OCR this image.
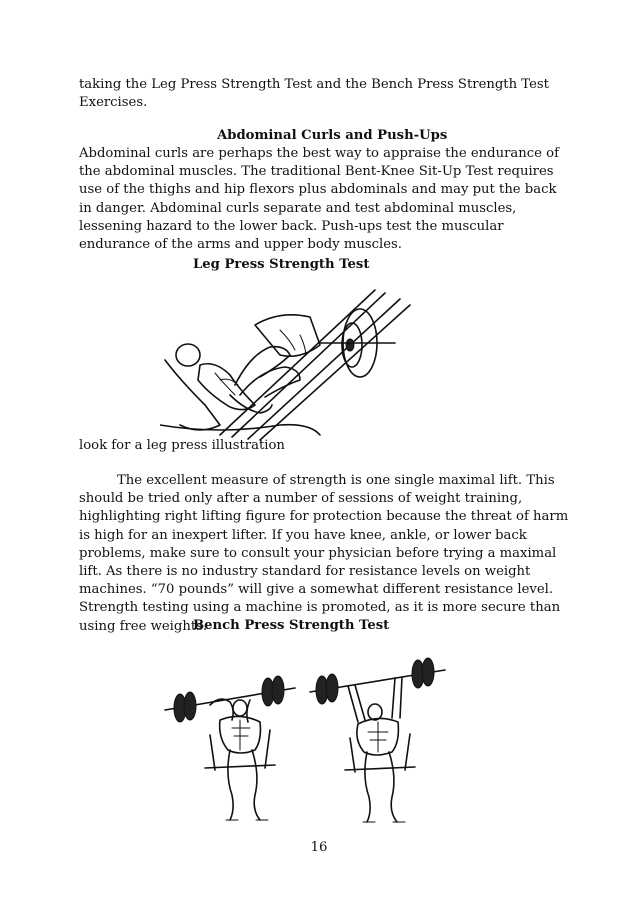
taking the Leg Press Strength Test and the Bench Press Strength Test Exercises.

Abdominal Curls and Push-Ups

Abdominal curls are perhaps the best way to appraise the endurance of the abdominal muscles. The traditional Bent-Knee Sit-Up Test requires use of the thighs and hip flexors plus abdominals and may put the back in danger. Abdominal curls separate and test abdominal muscles, lessening hazard to the lower back. Push-ups test the muscular endurance of the arms and upper body muscles.

Leg Press Strength Test

look for a leg press illustration

The excellent measure of strength is one single maximal lift. This should be tried only after a number of sessions of weight training, highlighting right lifting figure for protection because the threat of harm is high for an inexpert lifter. If you have knee, ankle, or lower back problems, make sure to consult your physician before trying a maximal lift. As there is no industry standard for resistance levels on weight machines. “70 pounds” will give a somewhat different resistance level. Strength testing using a machine is promoted, as it is more secure than using free weights.

Bench Press Strength Test

16
